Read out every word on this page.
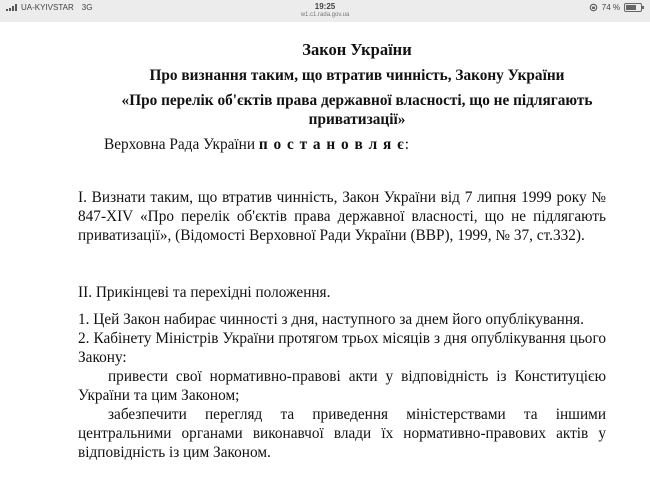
UA-KYIVSTAR 3G	19:25
w1.c1.rada.gov.ua
74 %
Закон України
Про визнання таким, що втратив чинність, Закону України
«Про перелік об'єктів права державної власності, що не підлягають приватизації»
Верховна Рада України п о с т а н о в л я є:
І. Визнати таким, що втратив чинність, Закон України від 7 липня 1999 року № 847-XIV «Про перелік об'єктів права державної власності, що не підлягають приватизації», (Відомості Верховної Ради України (ВВР), 1999, № 37, ст.332).
II. Прикінцеві та перехідні положення.
1. Цей Закон набирає чинності з дня, наступного за днем його опублікування.
2. Кабінету Міністрів України протягом трьох місяців з дня опублікування цього Закону:
привести свої нормативно-правові акти у відповідність із Конституцією України та цим Законом;
забезпечити перегляд та приведення міністерствами та іншими центральними органами виконавчої влади їх нормативно-правових актів у відповідність із цим Законом.
